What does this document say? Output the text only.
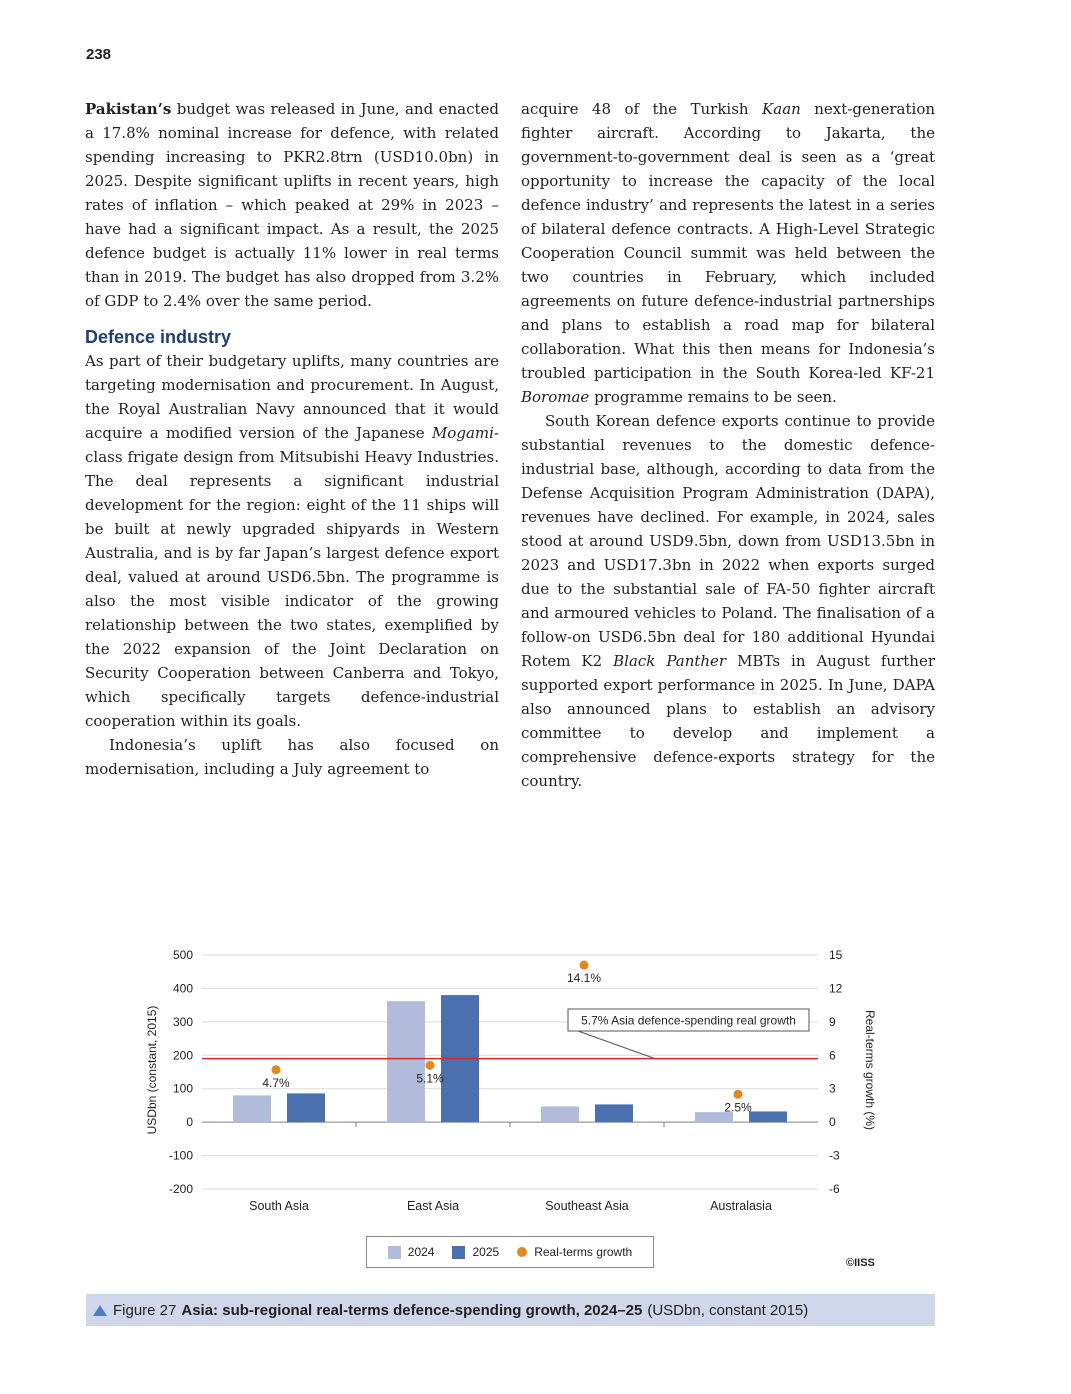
238

Pakistan’s budget was released in June, and enacted a 17.8% nominal increase for defence, with related spending increasing to PKR2.8trn (USD10.0bn) in 2025. Despite significant uplifts in recent years, high rates of inflation – which peaked at 29% in 2023 – have had a significant impact. As a result, the 2025 defence budget is actually 11% lower in real terms than in 2019. The budget has also dropped from 3.2% of GDP to 2.4% over the same period.

Defence industry

As part of their budgetary uplifts, many countries are targeting modernisation and procurement. In August, the Royal Australian Navy announced that it would acquire a modified version of the Japanese Mogami-class frigate design from Mitsubishi Heavy Industries. The deal represents a significant industrial development for the region: eight of the 11 ships will be built at newly upgraded shipyards in Western Australia, and is by far Japan’s largest defence export deal, valued at around USD6.5bn. The programme is also the most visible indicator of the growing relationship between the two states, exemplified by the 2022 expansion of the Joint Declaration on Security Cooperation between Canberra and Tokyo, which specifically targets defence-industrial cooperation within its goals.

Indonesia’s uplift has also focused on modernisation, including a July agreement to

acquire 48 of the Turkish Kaan next-generation fighter aircraft. According to Jakarta, the government-to-government deal is seen as a ‘great opportunity to increase the capacity of the local defence industry’ and represents the latest in a series of bilateral defence contracts. A High-Level Strategic Cooperation Council summit was held between the two countries in February, which included agreements on future defence-industrial partnerships and plans to establish a road map for bilateral collaboration. What this then means for Indonesia’s troubled participation in the South Korea-led KF-21 Boromae programme remains to be seen.

South Korean defence exports continue to provide substantial revenues to the domestic defence-industrial base, although, according to data from the Defense Acquisition Program Administration (DAPA), revenues have declined. For example, in 2024, sales stood at around USD9.5bn, down from USD13.5bn in 2023 and USD17.3bn in 2022 when exports surged due to the substantial sale of FA-50 fighter aircraft and armoured vehicles to Poland. The finalisation of a follow-on USD6.5bn deal for 180 additional Hyundai Rotem K2 Black Panther MBTs in August further supported export performance in 2025. In June, DAPA also announced plans to establish an advisory committee to develop and implement a comprehensive defence-exports strategy for the country.

500
400
300
200
100
0
-100
-200
15
12
9
6
3
0
-3
-6
South Asia	East Asia	Southeast Asia	Australasia
5.7% Asia defence-spending real growth
4.7%	5.1%
14.1%
2.5%
USDbn (constant, 2015)	Real-terms growth (%)
2024	2025	Real-terms growth
©IISS
Figure 27 Asia: sub-regional real-terms defence-spending growth, 2024–25 (USDbn, constant 2015)
